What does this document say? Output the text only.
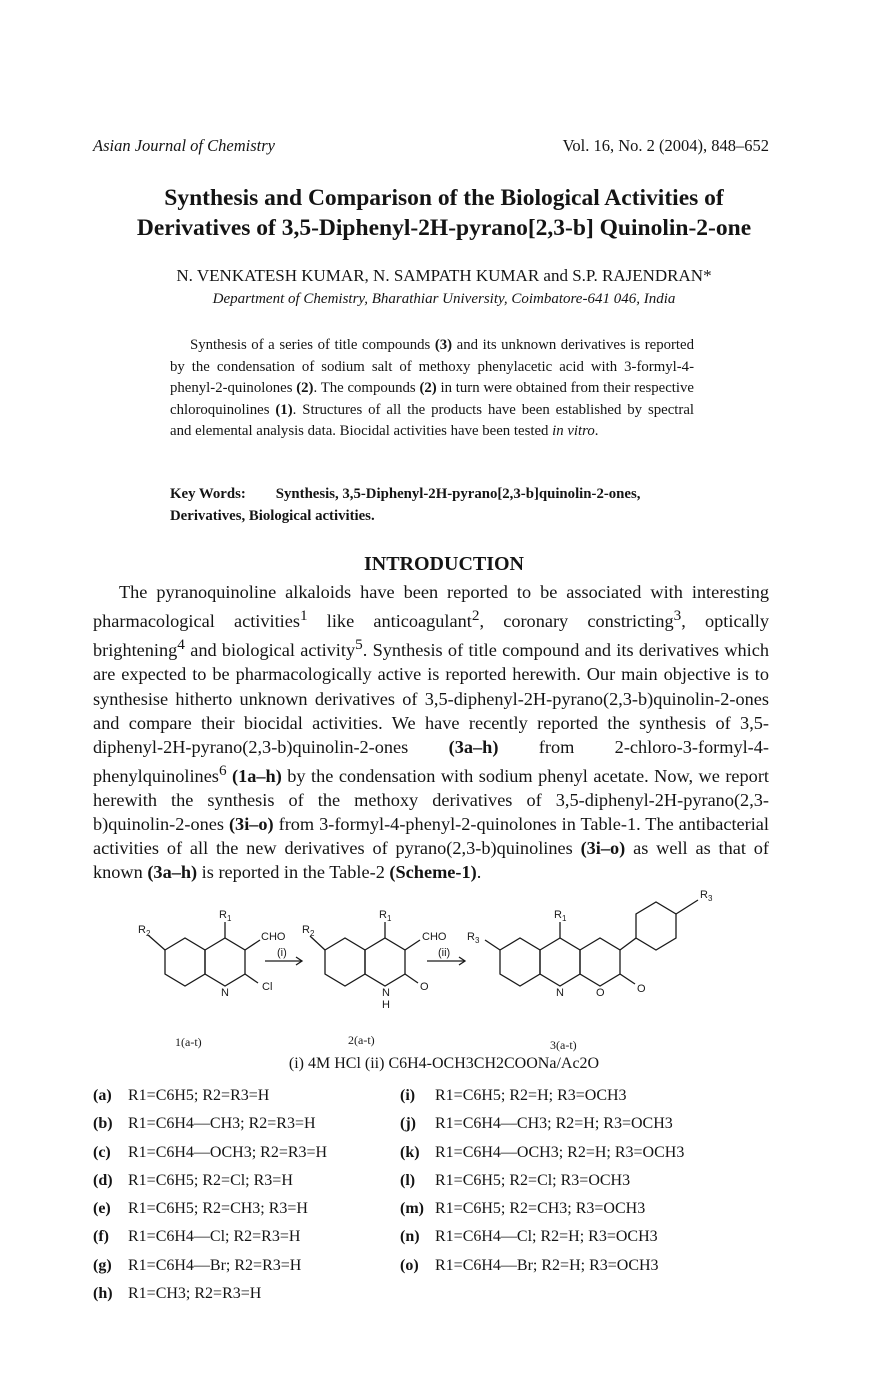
Asian Journal of Chemistry	Vol. 16, No. 2 (2004), 848–652
Synthesis and Comparison of the Biological Activities of
Derivatives of 3,5-Diphenyl-2H-pyrano[2,3-b] Quinolin-2-one
N. VENKATESH KUMAR, N. SAMPATH KUMAR and S.P. RAJENDRAN*
Department of Chemistry, Bharathiar University, Coimbatore-641 046, India

Synthesis of a series of title compounds (3) and its unknown derivatives is reported by the condensation of sodium salt of methoxy phenylacetic acid with 3-formyl-4-phenyl-2-quinolones (2). The compounds (2) in turn were obtained from their respective chloroquinolines (1). Structures of all the products have been established by spectral and elemental analysis data. Biocidal activities have been tested in vitro.

Key Words: Synthesis, 3,5-Diphenyl-2H-pyrano[2,3-b]quinolin-2-ones, Derivatives, Biological activities.
INTRODUCTION

The pyranoquinoline alkaloids have been reported to be associated with interesting pharmacological activities$^1$ like anticoagulant$^2$, coronary constricting$^3$, optically brightening$^4$ and biological activity$^5$. Synthesis of title compound and its derivatives which are expected to be pharmacologically active is reported herewith. Our main objective is to synthesise hitherto unknown derivatives of 3,5-diphenyl-2H-pyrano(2,3-b)quinolin-2-ones and compare their biocidal activities. We have recently reported the synthesis of 3,5-diphenyl-2H-pyrano(2,3-b)quinolin-2-ones (3a–h) from 2-chloro-3-formyl-4-phenylquinolines$^6$ (1a–h) by the condensation with sodium phenyl acetate. Now, we report herewith the synthesis of the methoxy derivatives of 3,5-diphenyl-2H-pyrano(2,3-b)quinolin-2-ones (3i–o) from 3-formyl-4-phenyl-2-quinolones in Table-1. The antibacterial activities of all the new derivatives of pyrano(2,3-b)quinolines (3i–o) as well as that of known (3a–h) is reported in the Table-2 (Scheme-1).

$R_2$
$R_1$
CHO
Cl
N
(i)
$R_2$
$R_1$
CHO
N
H
O
(ii)
$R_3$
$R_1$
N	O	O
$R_3$
1(a-t)	2(a-t)	3(a-t)
(i) 4M HCl (ii) C6H4-OCH3CH2COONa/Ac2O
(a) R1=C6H5; R2=R3=H
(b) R1=C6H4—CH3; R2=R3=H
(c) R1=C6H4—OCH3; R2=R3=H
(d) R1=C6H5; R2=Cl; R3=H
(e) R1=C6H5; R2=CH3; R3=H
(f) R1=C6H4—Cl; R2=R3=H
(g) R1=C6H4—Br; R2=R3=H
(h) R1=CH3; R2=R3=H
(i) R1=C6H5; R2=H; R3=OCH3
(j) R1=C6H4—CH3; R2=H; R3=OCH3
(k) R1=C6H4—OCH3; R2=H; R3=OCH3
(l) R1=C6H5; R2=Cl; R3=OCH3
(m) R1=C6H5; R2=CH3; R3=OCH3
(n) R1=C6H4—Cl; R2=H; R3=OCH3
(o) R1=C6H4—Br; R2=H; R3=OCH3
